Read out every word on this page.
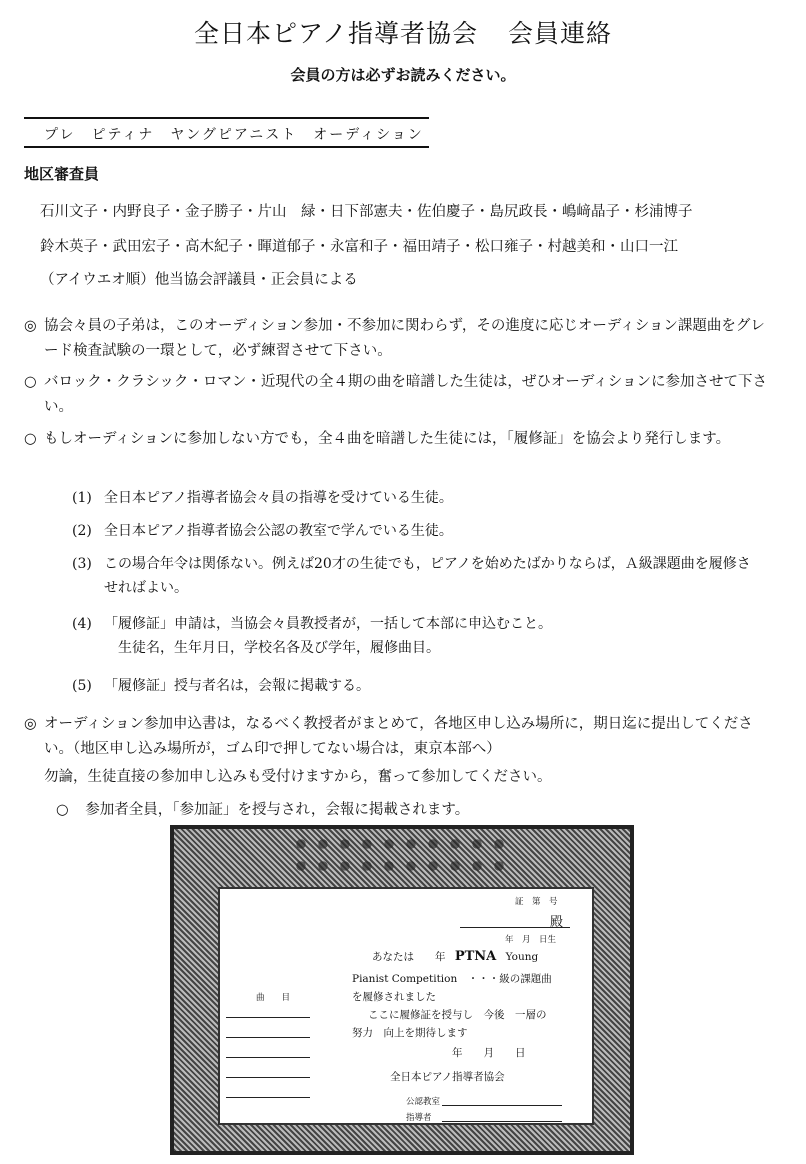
全日本ピアノ指導者協会 会員連絡
会員の方は必ずお読みください。
プレ　ピティナ　ヤングピアニスト　オーディション
地区審査員
石川文子・内野良子・金子勝子・片山　緑・日下部憲夫・佐伯慶子・島尻政長・嶋﨑晶子・杉浦博子
鈴木英子・武田宏子・高木紀子・暉道郁子・永富和子・福田靖子・松口雍子・村越美和・山口一江
（アイウエオ順）他当協会評議員・正会員による
◎ 協会々員の子弟は，このオーディション参加・不参加に関わらず，その進度に応じオーディション課題曲をグレード検査試験の一環として，必ず練習させて下さい。
○ バロック・クラシック・ロマン・近現代の全４期の曲を暗譜した生徒は，ぜひオーディションに参加させて下さい。
○ もしオーディションに参加しない方でも，全４曲を暗譜した生徒には，「履修証」を協会より発行します。
(1) 全日本ピアノ指導者協会々員の指導を受けている生徒。
(2) 全日本ピアノ指導者協会公認の教室で学んでいる生徒。
(3) この場合年令は関係ない。例えば20才の生徒でも，ピアノを始めたばかりならば，Ａ級課題曲を履修させればよい。
(4) 「履修証」申請は，当協会々員教授者が，一括して本部に申込むこと。
生徒名，生年月日，学校名各及び学年，履修曲目。
(5) 「履修証」授与者名は，会報に掲載する。
◎ オーディション参加申込書は，なるべく教授者がまとめて，各地区申し込み場所に，期日迄に提出してください。（地区申し込み場所が，ゴム印で押してない場合は，東京本部へ）
勿論，生徒直接の参加申し込みも受付けますから，奮って参加してください。
○ 参加者全員，「参加証」を授与され，会報に掲載されます。
証　第　号
殿
年　月　日生
あなたは　　年 PTNA Young
Pianist Competition　・・・級の課題曲
を履修されました
ここに履修証を授与し　今後　一層の
努力　向上を期待します
年　　月　　日
全日本ピアノ指導者協会
公認教室
指導者
曲　　目
